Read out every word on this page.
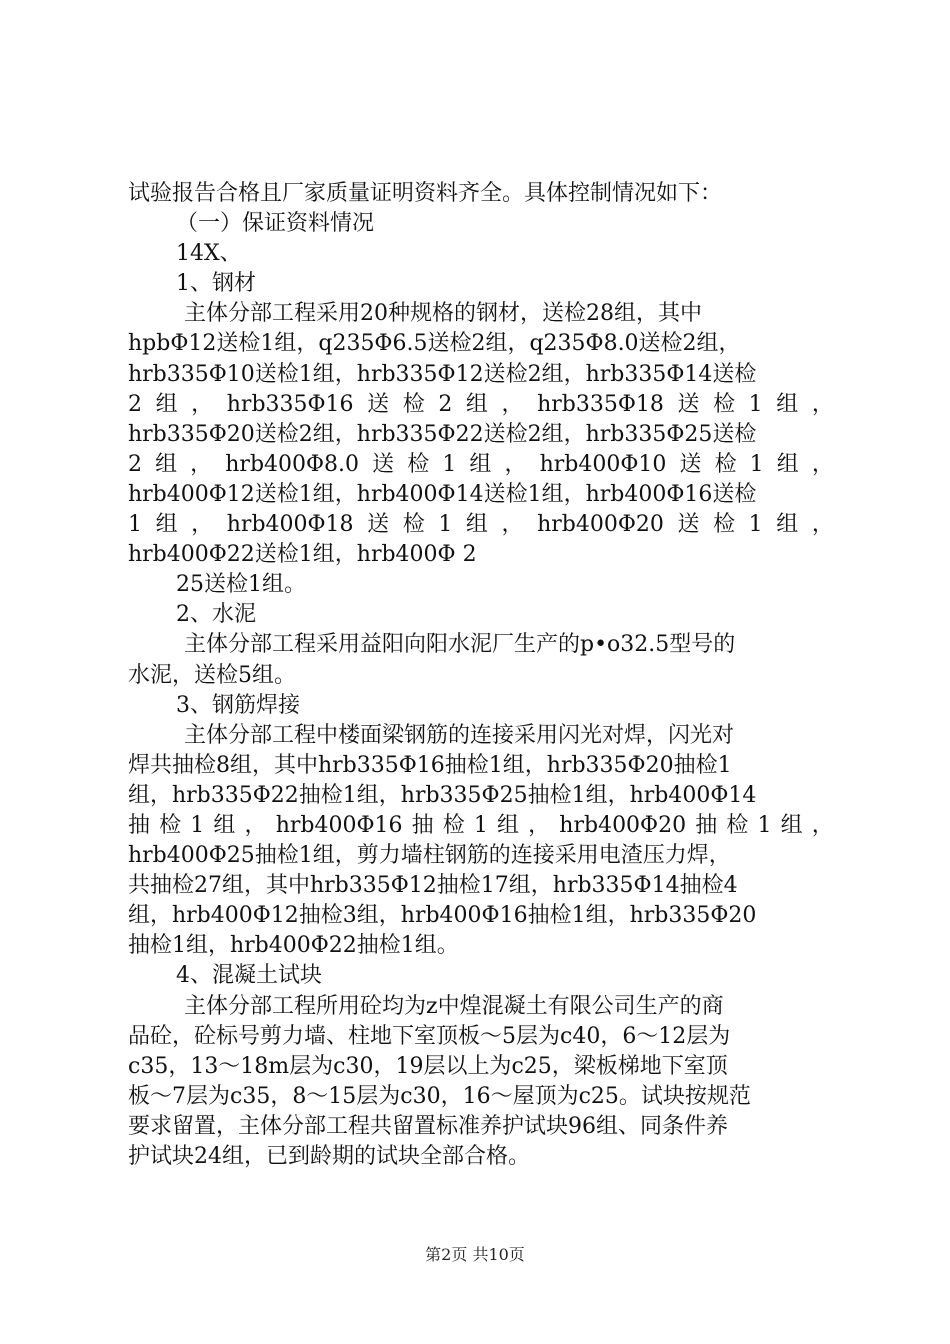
试验报告合格且厂家质量证明资料齐全。具体控制情况如下：
（一）保证资料情况
14X、
1、钢材
主体分部工程采用20种规格的钢材，送检28组，其中
hpbΦ12送检1组，q235Φ6.5送检2组，q235Φ8.0送检2组，
hrb335Φ10送检1组，hrb335Φ12送检2组，hrb335Φ14送检
2 组 ， hrb335Φ16 送 检 2 组 ， hrb335Φ18 送 检 1 组 ，
hrb335Φ20送检2组，hrb335Φ22送检2组，hrb335Φ25送检
2 组 ， hrb400Φ8.0 送 检 1 组 ， hrb400Φ10 送 检 1 组 ，
hrb400Φ12送检1组，hrb400Φ14送检1组，hrb400Φ16送检
1 组 ， hrb400Φ18 送 检 1 组 ， hrb400Φ20 送 检 1 组 ，
hrb400Φ22送检1组，hrb400Φ 2
25送检1组。
2、水泥
主体分部工程采用益阳向阳水泥厂生产的p•o32.5型号的
水泥，送检5组。
3、钢筋焊接
主体分部工程中楼面梁钢筋的连接采用闪光对焊，闪光对
焊共抽检8组，其中hrb335Φ16抽检1组，hrb335Φ20抽检1
组，hrb335Φ22抽检1组，hrb335Φ25抽检1组，hrb400Φ14
抽 检 1 组 ， hrb400Φ16 抽 检 1 组 ， hrb400Φ20 抽 检 1 组 ，
hrb400Φ25抽检1组，剪力墙柱钢筋的连接采用电渣压力焊，
共抽检27组，其中hrb335Φ12抽检17组，hrb335Φ14抽检4
组，hrb400Φ12抽检3组，hrb400Φ16抽检1组，hrb335Φ20
抽检1组，hrb400Φ22抽检1组。
4、混凝土试块
主体分部工程所用砼均为z中煌混凝土有限公司生产的商
品砼，砼标号剪力墙、柱地下室顶板～5层为c40，6～12层为
c35，13～18m层为c30，19层以上为c25，梁板梯地下室顶
板～7层为c35，8～15层为c30，16～屋顶为c25。试块按规范
要求留置，主体分部工程共留置标准养护试块96组、同条件养
护试块24组，已到龄期的试块全部合格。
第2页 共10页
